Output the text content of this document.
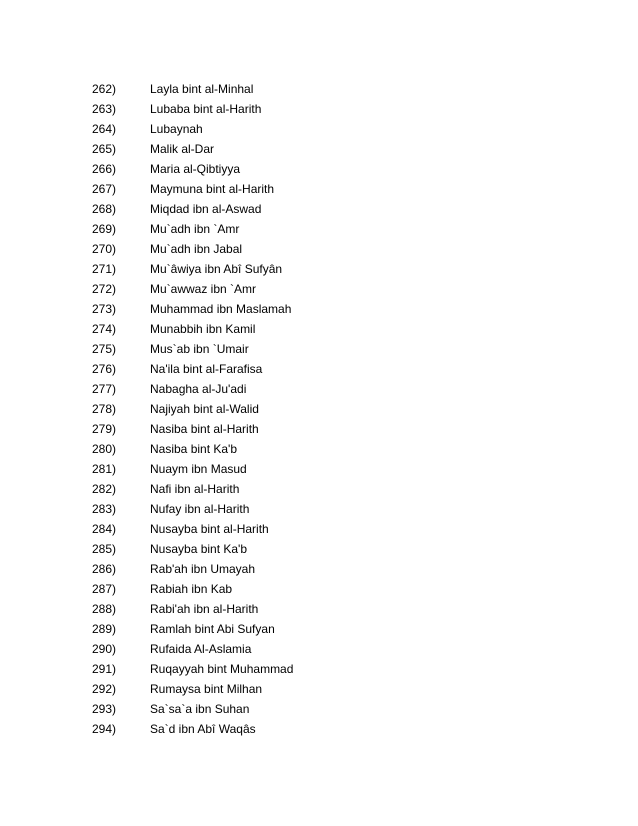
262)	Layla bint al-Minhal
263)	Lubaba bint al-Harith
264)	Lubaynah
265)	Malik al-Dar
266)	Maria al-Qibtiyya
267)	Maymuna bint al-Harith
268)	Miqdad ibn al-Aswad
269)	Mu`adh ibn `Amr
270)	Mu`adh ibn Jabal
271)	Mu`âwiya ibn Abî Sufyân
272)	Mu`awwaz ibn `Amr
273)	Muhammad ibn Maslamah
274)	Munabbih ibn Kamil
275)	Mus`ab ibn `Umair
276)	Na'ila bint al-Farafisa
277)	Nabagha al-Ju'adi
278)	Najiyah bint al-Walid
279)	Nasiba bint al-Harith
280)	Nasiba bint Ka'b
281)	Nuaym ibn Masud
282)	Nafi ibn al-Harith
283)	Nufay ibn al-Harith
284)	Nusayba bint al-Harith
285)	Nusayba bint Ka'b
286)	Rab'ah ibn Umayah
287)	Rabiah ibn Kab
288)	Rabi'ah ibn al-Harith
289)	Ramlah bint Abi Sufyan
290)	Rufaida Al-Aslamia
291)	Ruqayyah bint Muhammad
292)	Rumaysa bint Milhan
293)	Sa`sa`a ibn Suhan
294)	Sa`d ibn Abî Waqâs
